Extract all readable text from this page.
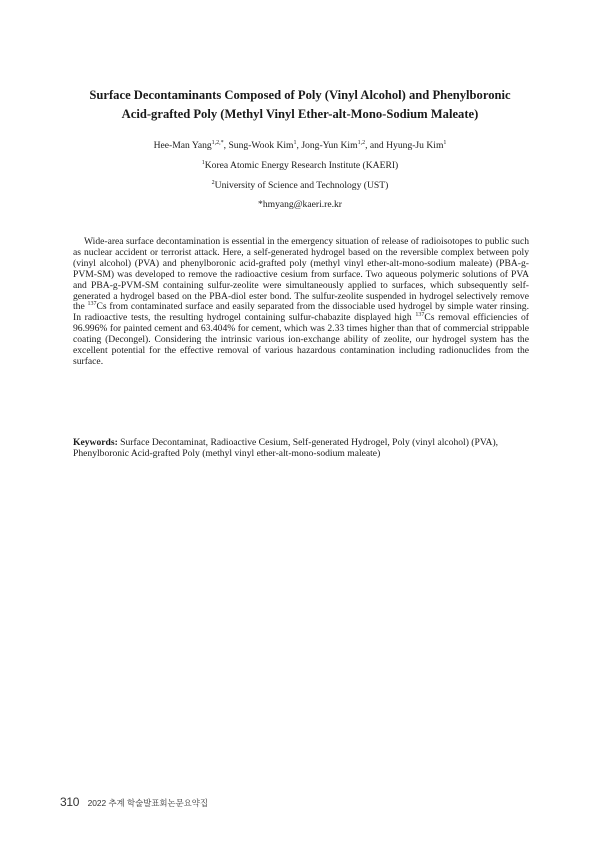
Surface Decontaminants Composed of Poly (Vinyl Alcohol) and Phenylboronic
Acid-grafted Poly (Methyl Vinyl Ether-alt-Mono-Sodium Maleate)

Hee-Man Yang$^{1,2,*}$, Sung-Wook Kim$^1$, Jong-Yun Kim$^{1,2}$, and Hyung-Ju Kim$^1$

$^1$Korea Atomic Energy Research Institute (KAERI)

$^2$University of Science and Technology (UST)

*hmyang@kaeri.re.kr

Wide-area surface decontamination is essential in the emergency situation of release of radioisotopes to public such as nuclear accident or terrorist attack. Here, a self-generated hydrogel based on the reversible complex between poly (vinyl alcohol) (PVA) and phenylboronic acid-grafted poly (methyl vinyl ether-alt-mono-sodium maleate) (PBA-g-PVM-SM) was developed to remove the radioactive cesium from surface. Two aqueous polymeric solutions of PVA and PBA-g-PVM-SM containing sulfur-zeolite were simultaneously applied to surfaces, which subsequently self-generated a hydrogel based on the PBA-diol ester bond. The sulfur-zeolite suspended in hydrogel selectively remove the $^{137}$Cs from contaminated surface and easily separated from the dissociable used hydrogel by simple water rinsing. In radioactive tests, the resulting hydrogel containing sulfur-chabazite displayed high $^{137}$Cs removal efficiencies of 96.996% for painted cement and 63.404% for cement, which was 2.33 times higher than that of commercial strippable coating (Decongel). Considering the intrinsic various ion-exchange ability of zeolite, our hydrogel system has the excellent potential for the effective removal of various hazardous contamination including radionuclides from the surface.

Keywords: Surface Decontaminat, Radioactive Cesium, Self-generated Hydrogel, Poly (vinyl alcohol) (PVA), Phenylboronic Acid-grafted Poly (methyl vinyl ether-alt-mono-sodium maleate)

310 2022 추계 학술발표회논문요약집
